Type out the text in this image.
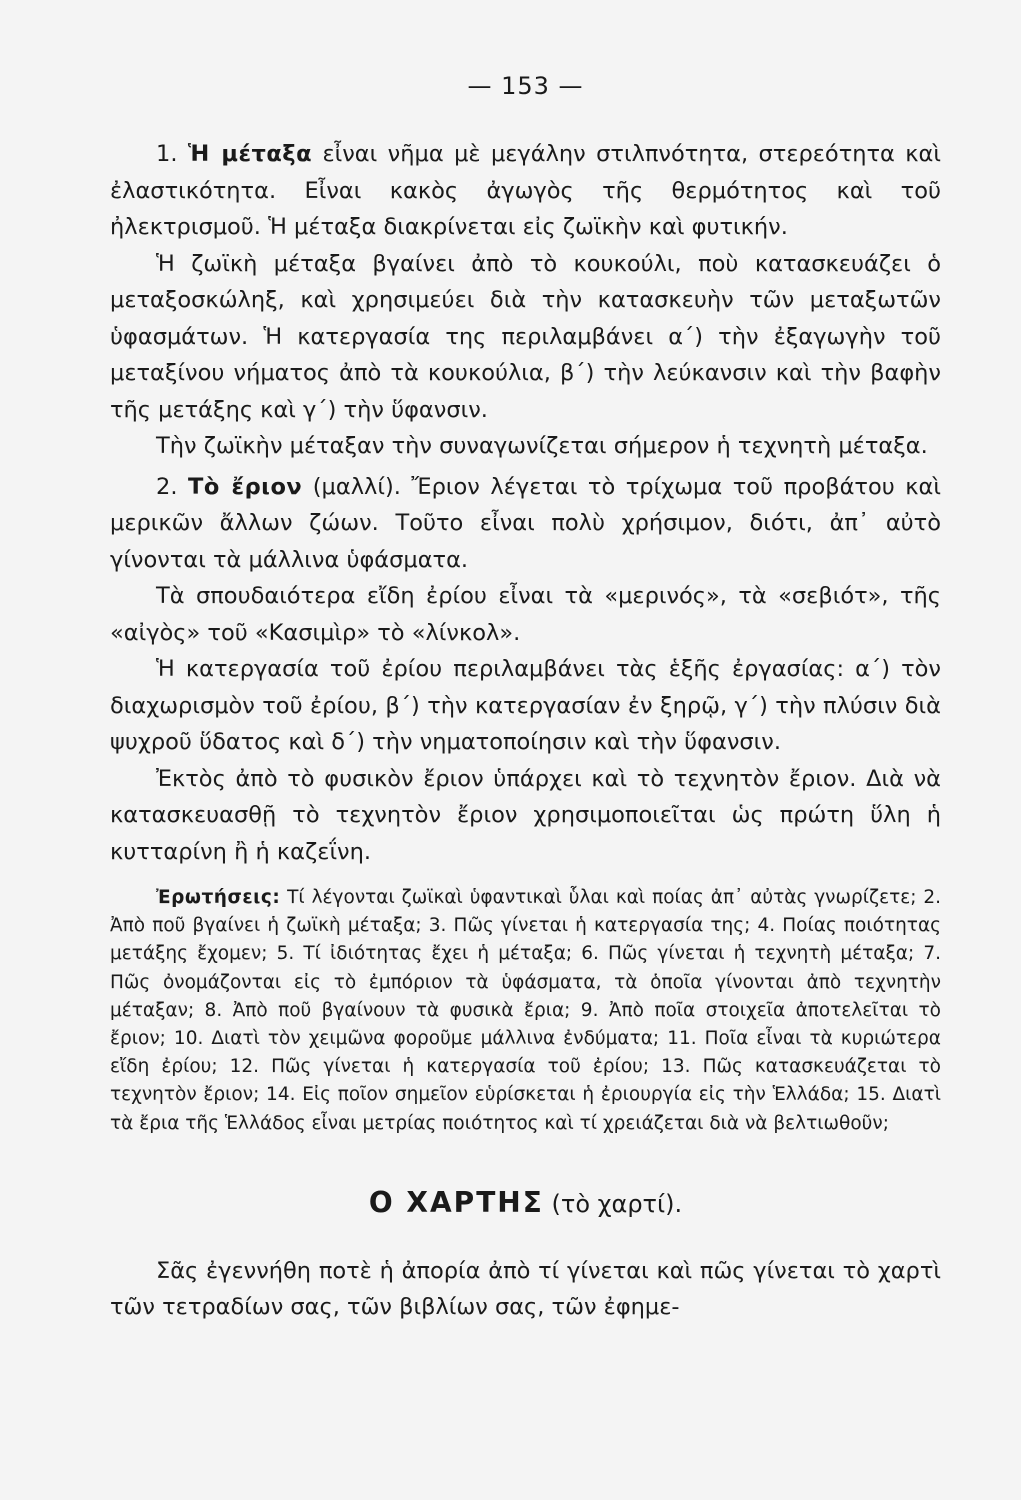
— 153 —

1. Ἡ μέταξα εἶναι νῆμα μὲ μεγάλην στιλπνότητα, στερεότητα καὶ ἐλαστικότητα. Εἶναι κακὸς ἀγωγὸς τῆς θερμότητος καὶ τοῦ ἠλεκτρισμοῦ. Ἡ μέταξα διακρίνεται εἰς ζωϊκὴν καὶ φυτικήν.

Ἡ ζωϊκὴ μέταξα βγαίνει ἀπὸ τὸ κουκούλι, ποὺ κατασκευάζει ὁ μεταξοσκώληξ, καὶ χρησιμεύει διὰ τὴν κατασκευὴν τῶν μεταξωτῶν ὑφασμάτων. Ἡ κατεργασία της περιλαμβάνει α΄) τὴν ἐξαγωγὴν τοῦ μεταξίνου νήματος ἀπὸ τὰ κουκούλια, β΄) τὴν λεύκανσιν καὶ τὴν βαφὴν τῆς μετάξης καὶ γ΄) τὴν ὕφανσιν.

Τὴν ζωϊκὴν μέταξαν τὴν συναγωνίζεται σήμερον ἡ τεχνητὴ μέταξα.

2. Τὸ ἔριον (μαλλί). Ἔριον λέγεται τὸ τρίχωμα τοῦ προβάτου καὶ μερικῶν ἄλλων ζώων. Τοῦτο εἶναι πολὺ χρήσιμον, διότι, ἀπ᾿ αὐτὸ γίνονται τὰ μάλλινα ὑφάσματα.

Τὰ σπουδαιότερα εἴδη ἐρίου εἶναι τὰ «μερινός», τὰ «σεβιότ», τῆς «αἰγὸς» τοῦ «Κασιμὶρ» τὸ «λίνκολ».

Ἡ κατεργασία τοῦ ἐρίου περιλαμβάνει τὰς ἑξῆς ἐργασίας: α΄) τὸν διαχωρισμὸν τοῦ ἐρίου, β΄) τὴν κατεργασίαν ἐν ξηρῷ, γ΄) τὴν πλύσιν διὰ ψυχροῦ ὕδατος καὶ δ΄) τὴν νηματοποίησιν καὶ τὴν ὕφανσιν.

Ἐκτὸς ἀπὸ τὸ φυσικὸν ἔριον ὑπάρχει καὶ τὸ τεχνητὸν ἔριον. Διὰ νὰ κατασκευασθῇ τὸ τεχνητὸν ἔριον χρησιμοποιεῖται ὡς πρώτη ὕλη ἡ κυτταρίνη ἢ ἡ καζεΐνη.

Ἐρωτήσεις: Τί λέγονται ζωϊκαὶ ὑφαντικαὶ ὗλαι καὶ ποίας ἀπ᾿ αὐτὰς γνωρίζετε; 2. Ἀπὸ ποῦ βγαίνει ἡ ζωϊκὴ μέταξα; 3. Πῶς γίνεται ἡ κατεργασία της; 4. Ποίας ποιότητας μετάξης ἔχομεν; 5. Τί ἰδιότητας ἔχει ἡ μέταξα; 6. Πῶς γίνεται ἡ τεχνητὴ μέταξα; 7. Πῶς ὀνομάζονται εἰς τὸ ἐμπόριον τὰ ὑφάσματα, τὰ ὁποῖα γίνονται ἀπὸ τεχνητὴν μέταξαν; 8. Ἀπὸ ποῦ βγαίνουν τὰ φυσικὰ ἔρια; 9. Ἀπὸ ποῖα στοιχεῖα ἀποτελεῖται τὸ ἔριον; 10. Διατὶ τὸν χειμῶνα φοροῦμε μάλλινα ἐνδύματα; 11. Ποῖα εἶναι τὰ κυριώτερα εἴδη ἐρίου; 12. Πῶς γίνεται ἡ κατεργασία τοῦ ἐρίου; 13. Πῶς κατασκευάζεται τὸ τεχνητὸν ἔριον; 14. Εἰς ποῖον σημεῖον εὑρίσκεται ἡ ἐριουργία εἰς τὴν Ἑλλάδα; 15. Διατὶ τὰ ἔρια τῆς Ἑλλάδος εἶναι μετρίας ποιότητος καὶ τί χρειάζεται διὰ νὰ βελτιωθοῦν;

Ο ΧΑΡΤΗΣ (τὸ χαρτί).

Σᾶς ἐγεννήθη ποτὲ ἡ ἀπορία ἀπὸ τί γίνεται καὶ πῶς γίνεται τὸ χαρτὶ τῶν τετραδίων σας, τῶν βιβλίων σας, τῶν ἐφημε-
